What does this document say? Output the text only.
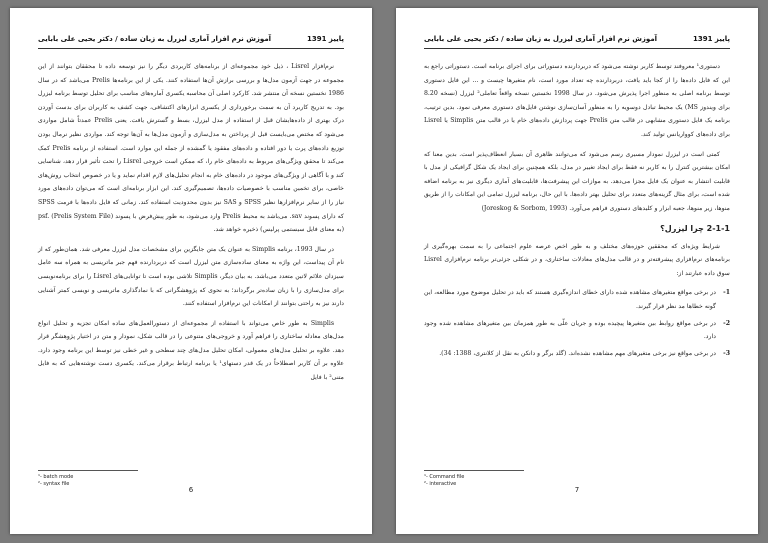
پاییز 1391
آموزش نرم افزار آماری لیزرل به زبان ساده / دکتر یحیی علی بابایی

نرم‌افزار Lisrel ، ذیل خود مجموعه‌ای از برنامه‌های کاربردی دیگر را نیز توسعه داده تا محققان بتوانند از این مجموعه در جهت آزمون مدل‌ها و بررسی برازش آن‌ها استفاده کنند. یکی از این برنامه‌ها Prelis می‌باشد که در سال 1986 نخستین نسخه آن منتشر شد. کارکرد اصلی آن محاسبه یکسری آماره‌های مناسب برای تحلیل توسط برنامه لیزرل بود. به تدریج کاربرد آن به سمت برخورداری از یکسری ابزارهای اکتشافی، جهت کشف به کاربران برای بدست آوردن درک بهتری از داده‌هایشان قبل از استفاده از مدل لیزرل، بسط و گسترش یافت. یعنی Prelis عمدتاً شامل مواردی می‌شود که مختص می‌بایست قبل از پرداختن به مدل‌سازی و آزمون مدل‌ها به آن‌ها توجه کند. مواردی نظیر نرمال بودن توزیع داده‌های پرت یا دور افتاده و داده‌های مفقود یا گمشده از جمله این موارد است. استفاده از برنامه Prelis کمک می‌کند تا محقق ویژگی‌های مربوط به داده‌های خام را، که ممکن است خروجی Lisrel را تحت تأثیر قرار دهد، شناسایی کند و با آگاهی از ویژگی‌های موجود در داده‌های خام به انجام تحلیل‌های لازم اقدام نماید و یا در خصوص انتخاب روش‌های خاصی، برای تخمین مناسب با خصوصیات داده‌ها، تصمیم‌گیری کند. این ابزار برنامه‌ای است که می‌توان داده‌های مورد نیاز را از سایر نرم‌افزارها نظیر SPSS و SAS نیز بدون محدودیت استفاده کند. زمانی که فایل داده‌ها با فرمت SPSS که دارای پسوند sav. می‌باشد به محیط Prelis وارد می‌شود، به طور پیش‌فرض با پسوند psf. (Prelis System File) (به معنای فایل سیستمی پرلیس) ذخیره خواهد شد.

در سال 1993، برنامه Simplis به عنوان یک متن جایگزین برای مشخصات مدل لیزرل معرفی شد. همان‌طور که از نام آن پیداست، این واژه به معنای ساده‌سازی متن لیزرل است که دربردارنده فهم جبر ماتریسی به همراه سه عامل سیزدان علائم لاتین متعدد می‌باشد. به بیان دیگر، Simplis تلاشی بوده است تا توانایی‌های Lisrel را برای برنامه‌نویسی برای مدل‌سازی را با زبان ساده‌تر برگرداند؛ به نحوی که پژوهشگرانی که با نمادگذاری ماتریسی و نویسی کمتر آشنایی دارند نیز به راحتی بتوانند از امکانات این نرم‌افزار استفاده کنند.

Simplis به طور خاص می‌تواند با استفاده از مجموعه‌ای از دستورالعمل‌های ساده امکان تجزیه و تحلیل انواع مدل‌های معادله ساختاری را فراهم آورد و خروجی‌های متنوعی را در قالب شکل، نمودار و متن در اختیار پژوهشگر قرار دهد. علاوه بر تحلیل مدل‌های معمولی، امکان تحلیل مدل‌های چند سطحی و غیر خطی نیز توسط این برنامه وجود دارد. علاوه بر آن کاربر اصطلاحاً در یک قدر دستهای¹ یا برنامه ارتباط برقرار می‌کند. یکسری دست نوشته‌هایی که به فایل متنی² با فایل

¹- batch mode
²- syntax file
6
پاییز 1391
آموزش نرم افزار آماری لیزرل به زبان ساده / دکتر یحیی علی بابایی

دستوری¹ معروفند توسط کاربر نوشته می‌شود که دربردارنده دستوراتی برای اجرای برنامه است. دستوراتی راجع به این که فایل داده‌ها را از کجا باید یافت، دربردارنده چه تعداد مورد است، نام متغیرها چیست و ... این فایل دستوری توسط برنامه اصلی به منظور اجرا پذیرش می‌شود. در سال 1998 نخستین نسخه واقعاً تعاملی² لیزرل (نسخه 8.20 برای ویندوز MS) یک محیط تبادل دوسویه را به منظور آسان‌سازی نوشتن فایل‌های دستوری معرفی نمود. بدین ترتیب، برنامه یک فایل دستوری مشابهی در قالب متن Prelis جهت پردازش داده‌های خام یا در قالب متن Simplis یا Lisrel برای داده‌های کوواریانس تولید کند.

کمتی است در لیزرل نمودار مسیری رسم می‌شود که می‌توانند ظاهری آن بسیار انعطاف‌پذیر است. بدین معنا که امکان بیشترین کنترل را به کاربر نه فقط برای ایجاد تغییر در مدل، بلکه همچنین برای ایجاد یک شکل گرافیکی از مدل با قابلیت انتشار به عنوان یک فایل مجزا می‌دهد. به موازات این پیشرفت‌ها، قابلیت‌های آماری دیگری نیز به برنامه اضافه شده است، برای مثال گزینه‌های متعدد برای تحلیل بهتر داده‌ها. با این حال، برنامه لیزرل تمامی این امکانات را از طریق منوها، زیر منوها، جعبه ابزار و کلیدهای دستوری فراهم می‌آورد. (Joreskog & Sorbom, 1993)

2-1-1 چرا لیزرل؟

شرایط ویژه‌ای که محققین حوزه‌های مختلف و به طور اخص عرصه علوم اجتماعی را به سمت بهره‌گیری از برنامه‌های نرم‌افزاری پیشرفته‌تر و در قالب مدل‌های معادلات ساختاری، و در شکلی جزئی‌تر برنامه نرم‌افزاری Lisrel سوق داده عبارتند از:

1-
در برخی مواقع متغیرهای مشاهده شده دارای خطای اندازه‌گیری هستند که باید در تحلیل موضوع مورد مطالعه، این گونه خطاها مد نظر قرار گیرند.
2-
در برخی مواقع روابط بین متغیرها پیچیده بوده و جریان علّی به طور همزمان بین متغیرهای مشاهده شده وجود دارد.
3-
در برخی مواقع نیز برخی متغیرهای مهم مشاهده نشده‌اند. (گلد برگر و دانکن به نقل از کلانتری، 1388: 34).
¹- Command file
²- interactive
7
